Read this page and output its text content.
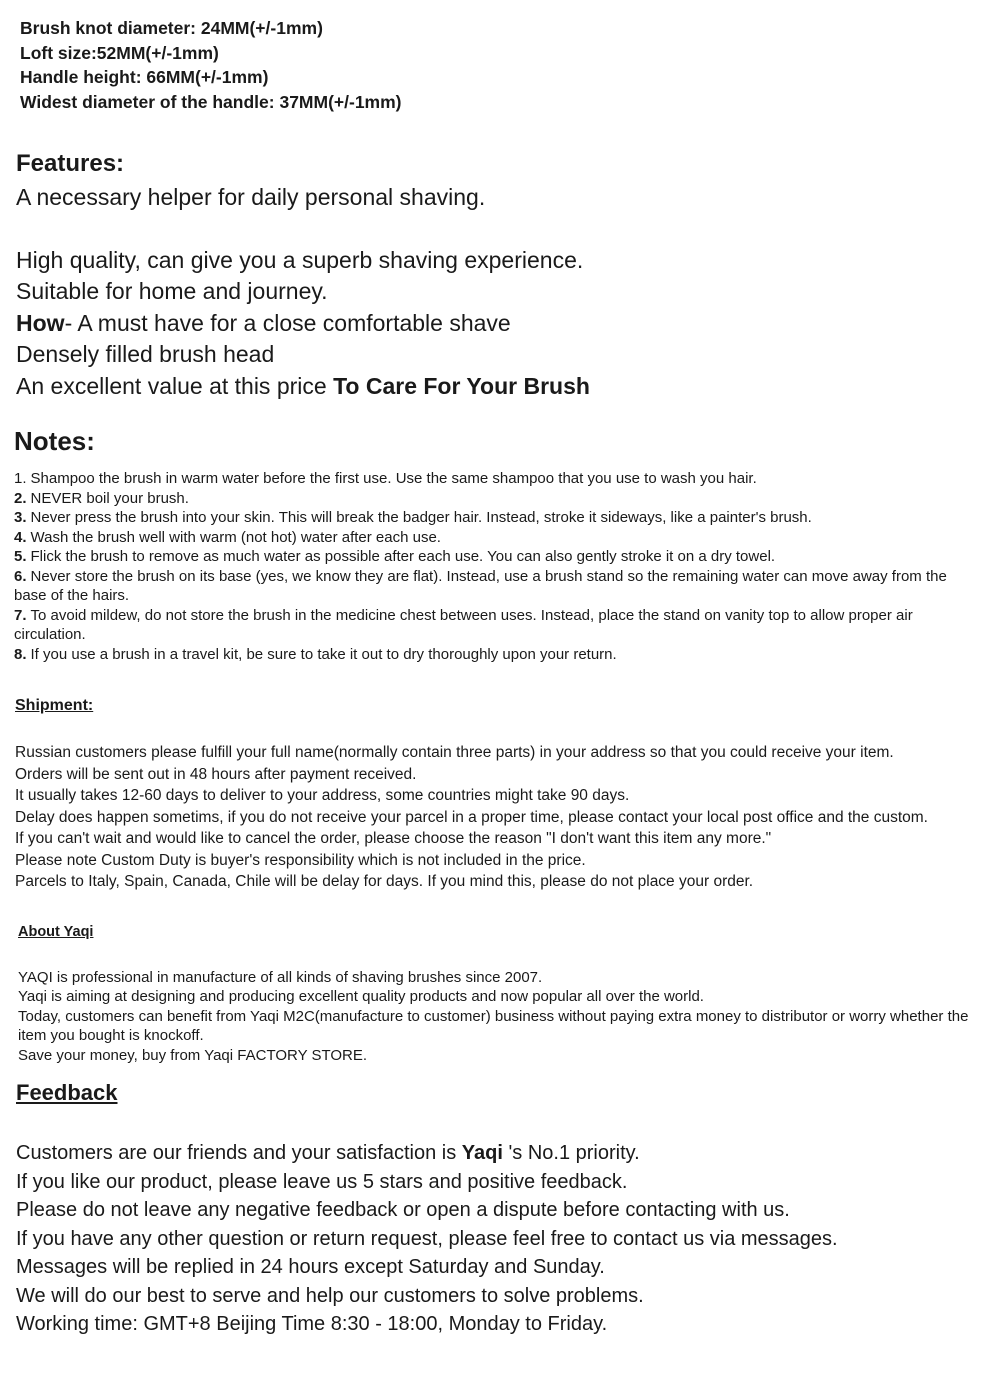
Brush knot diameter: 24MM(+/-1mm)
Loft size:52MM(+/-1mm)
Handle height: 66MM(+/-1mm)
Widest diameter of the handle: 37MM(+/-1mm)
Features:
A necessary helper for daily personal shaving.
High quality, can give you a superb shaving experience.
Suitable for home and journey.
How- A must have for a close comfortable shave
Densely filled brush head
An excellent value at this price To Care For Your Brush
Notes:
1. Shampoo the brush in warm water before the first use. Use the same shampoo that you use to wash you hair.
2. NEVER boil your brush.
3. Never press the brush into your skin. This will break the badger hair. Instead, stroke it sideways, like a painter's brush.
4. Wash the brush well with warm (not hot) water after each use.
5. Flick the brush to remove as much water as possible after each use. You can also gently stroke it on a dry towel.
6. Never store the brush on its base (yes, we know they are flat). Instead, use a brush stand so the remaining water can move away from the base of the hairs.
7. To avoid mildew, do not store the brush in the medicine chest between uses. Instead, place the stand on vanity top to allow proper air circulation.
8. If you use a brush in a travel kit, be sure to take it out to dry thoroughly upon your return.
Shipment:
Russian customers please fulfill your full name(normally contain three parts) in your address so that you could receive your item.
Orders will be sent out in 48 hours after payment received.
It usually takes 12-60 days to deliver to your address, some countries might take 90 days.
Delay does happen sometims, if you do not receive your parcel in a proper time, please contact your local post office and the custom.
If you can't wait and would like to cancel the order, please choose the reason "I don't want this item any more."
Please note Custom Duty is buyer's responsibility which is not included in the price.
Parcels to Italy, Spain, Canada, Chile will be delay for days. If you mind this, please do not place your order.
About Yaqi
YAQI is professional in manufacture of all kinds of shaving brushes since 2007.
Yaqi is aiming at designing and producing excellent quality products and now popular all over the world.
Today, customers can benefit from Yaqi M2C(manufacture to customer) business without paying extra money to distributor or worry whether the item you bought is knockoff.
Save your money, buy from Yaqi FACTORY STORE.
Feedback
Customers are our friends and your satisfaction is Yaqi 's No.1 priority.
If you like our product, please leave us 5 stars and positive feedback.
Please do not leave any negative feedback or open a dispute before contacting with us.
If you have any other question or return request, please feel free to contact us via messages.
Messages will be replied in 24 hours except Saturday and Sunday.
We will do our best to serve and help our customers to solve problems.
Working time: GMT+8 Beijing Time 8:30 - 18:00, Monday to Friday.
